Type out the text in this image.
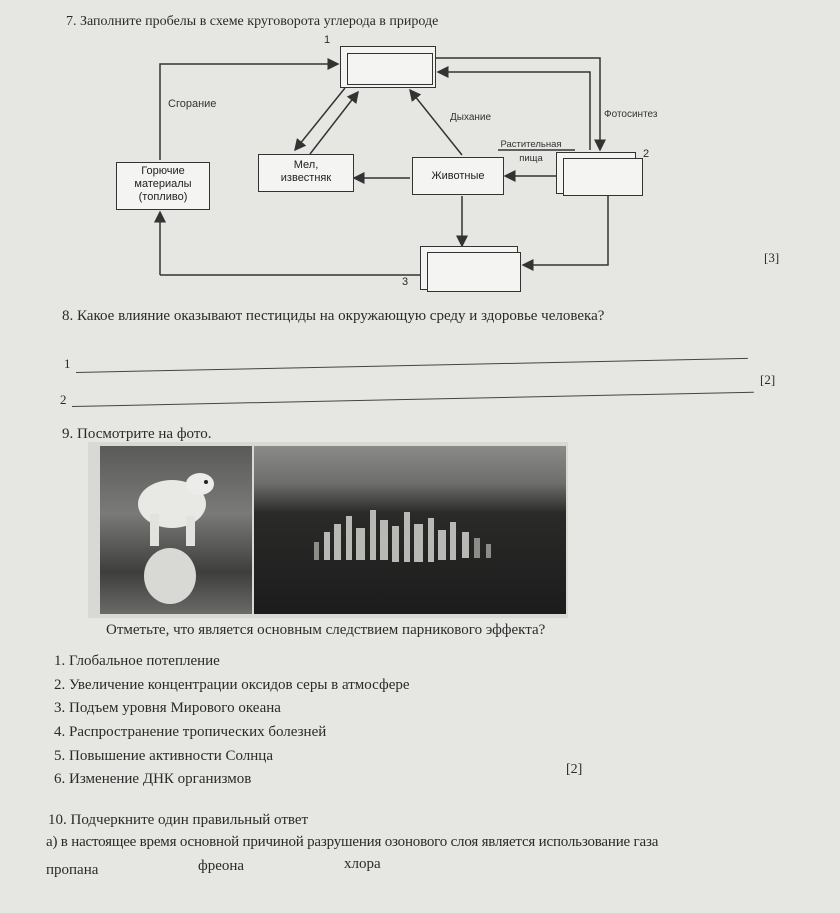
7. Заполните пробелы в схеме круговорота углерода в природе
1
Сгорание
Дыхание	Фотосинтез
Растительная пища
Горючие материалы (топливо)
Мел, известняк	Животные
2
3
[3]
8. Какое влияние оказывают пестициды на окружающую среду и здоровье человека?
1
[2]
2
9. Посмотрите на фото.
Отметьте, что является основным следствием парникового эффекта?
1. Глобальное потепление
2. Увеличение концентрации оксидов серы в атмосфере
3. Подъем уровня Мирового океана
4. Распространение тропических болезней
5. Повышение активности Солнца
6. Изменение ДНК организмов
[2]
10. Подчеркните один правильный ответ
а) в настоящее время основной причиной разрушения озонового слоя является использование газа
пропана	фреона	хлора
